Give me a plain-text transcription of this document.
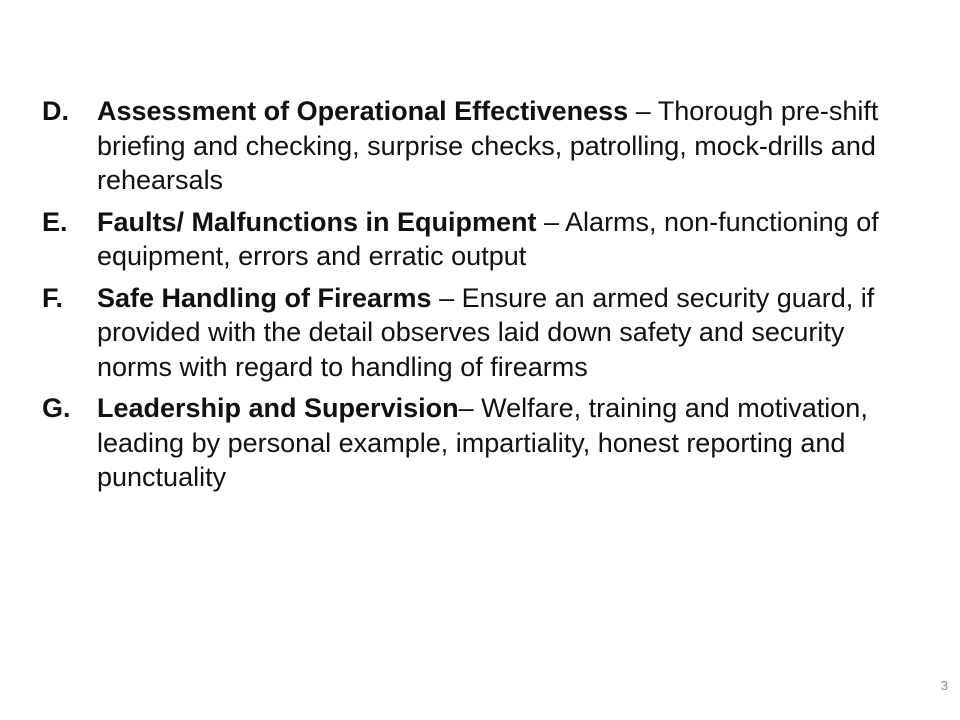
D.	Assessment of Operational Effectiveness – Thorough pre-shift briefing and checking, surprise checks, patrolling, mock-drills and rehearsals
E.	Faults/ Malfunctions in Equipment – Alarms, non-functioning of equipment, errors and erratic output
F.	Safe Handling of Firearms – Ensure an armed security guard, if provided with the detail observes laid down safety and security norms with regard to handling of firearms
G. Leadership and Supervision– Welfare, training and motivation, leading by personal example, impartiality, honest reporting and punctuality
3
